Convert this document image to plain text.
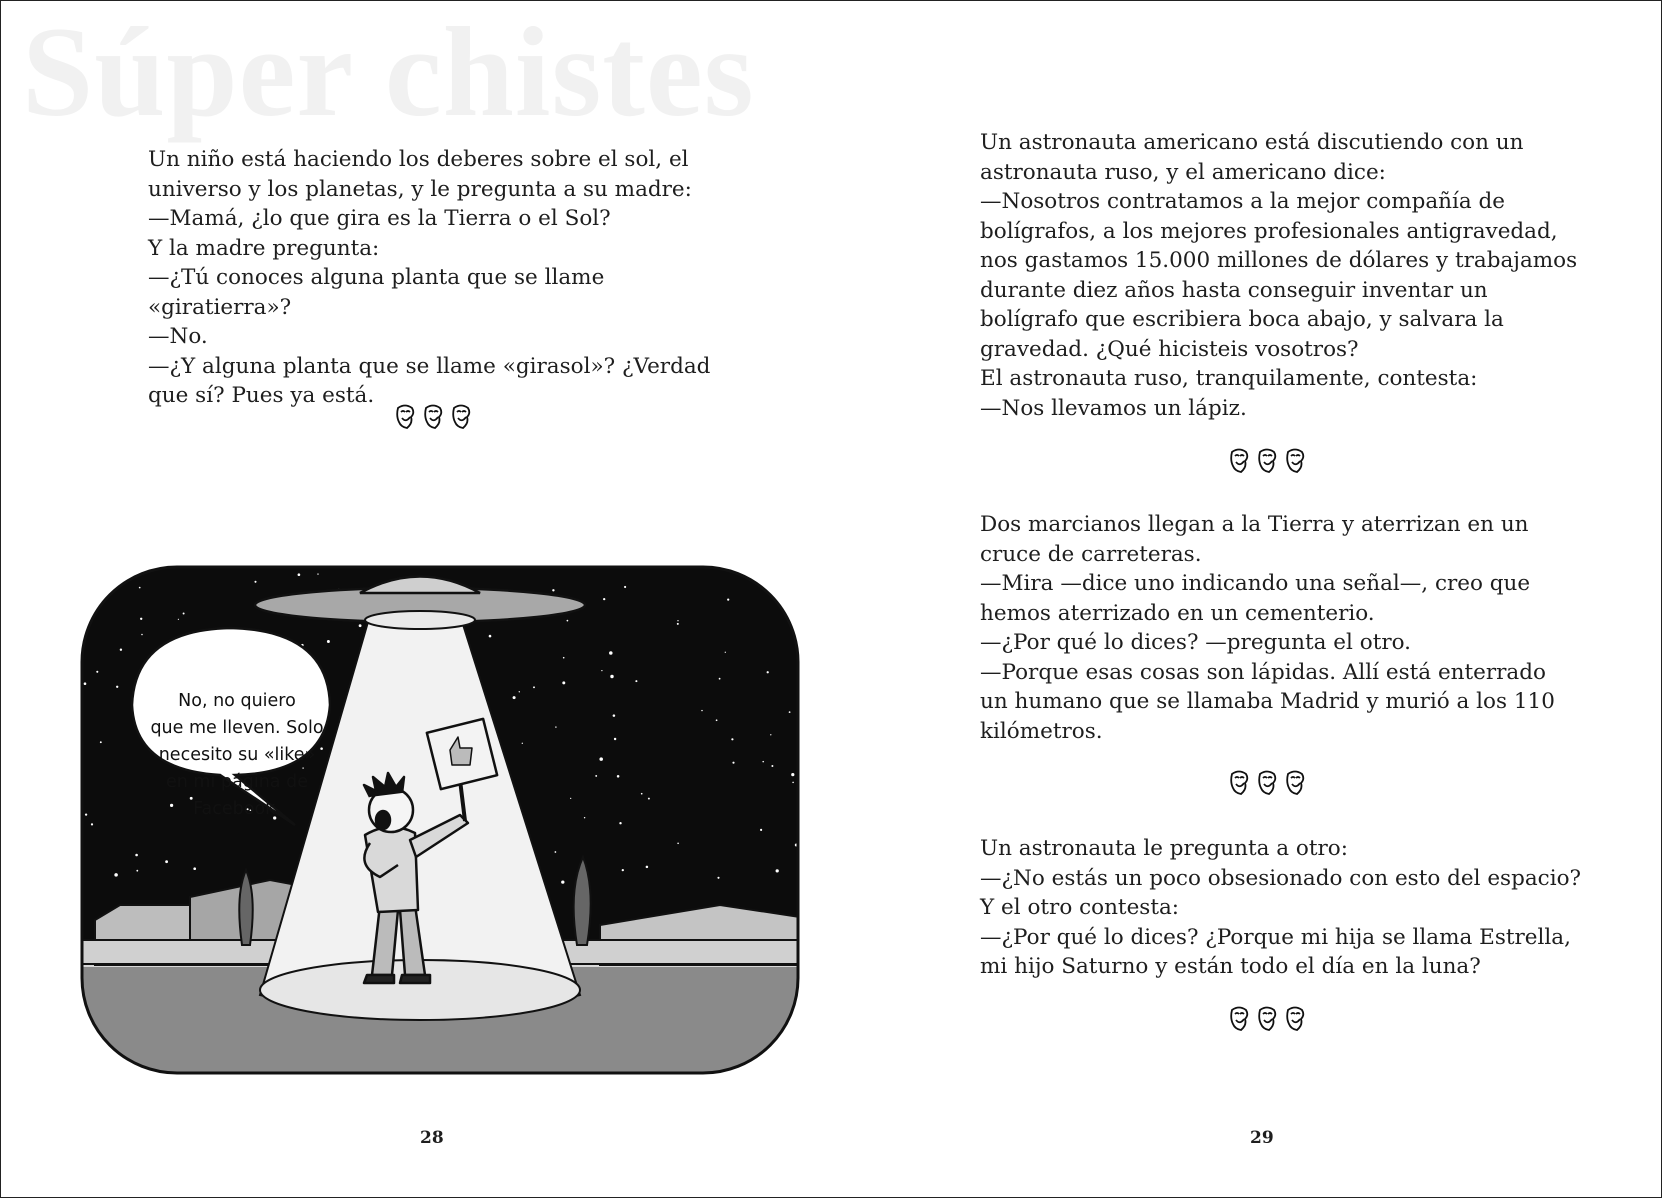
Súper chistes

Un niño está haciendo los deberes sobre el sol, el

universo y los planetas, y le pregunta a su madre:

—Mamá, ¿lo que gira es la Tierra o el Sol?

Y la madre pregunta:

—¿Tú conoces alguna planta que se llame «giratierra»?

—No.

—¿Y alguna planta que se llame «girasol»? ¿Verdad

que sí? Pues ya está.

No, no quiero
que me lleven. Solo
necesito su «like»
en mi página de
Facebook.
28

Un astronauta americano está discutiendo con un

astronauta ruso, y el americano dice:

—Nosotros contratamos a la mejor compañía de

bolígrafos, a los mejores profesionales antigravedad,

nos gastamos 15.000 millones de dólares y trabajamos

durante diez años hasta conseguir inventar un

bolígrafo que escribiera boca abajo, y salvara la

gravedad. ¿Qué hicisteis vosotros?

El astronauta ruso, tranquilamente, contesta:

—Nos llevamos un lápiz.

Dos marcianos llegan a la Tierra y aterrizan en un

cruce de carreteras.

—Mira —dice uno indicando una señal—, creo que

hemos aterrizado en un cementerio.

—¿Por qué lo dices? —pregunta el otro.

—Porque esas cosas son lápidas. Allí está enterrado

un humano que se llamaba Madrid y murió a los 110

kilómetros.

Un astronauta le pregunta a otro:

—¿No estás un poco obsesionado con esto del espacio?

Y el otro contesta:

—¿Por qué lo dices? ¿Porque mi hija se llama Estrella,

mi hijo Saturno y están todo el día en la luna?

29
